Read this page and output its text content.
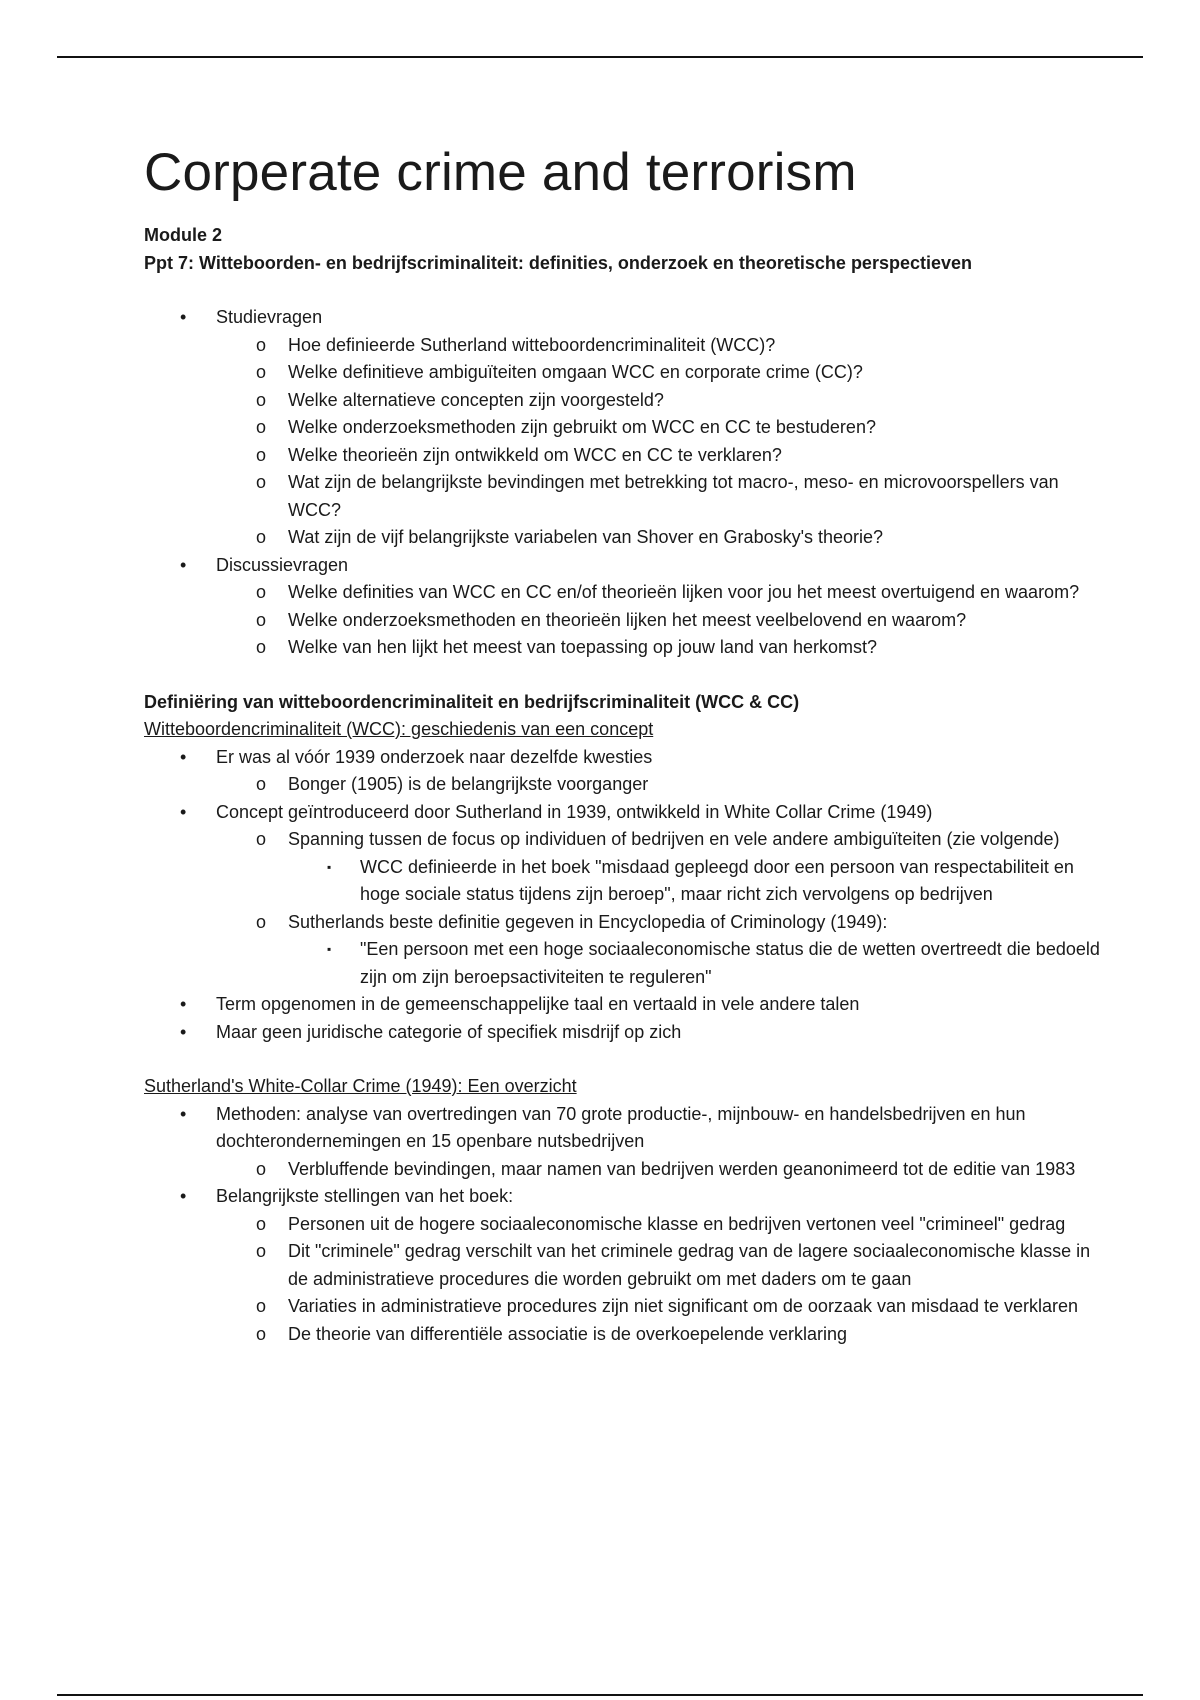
Corperate crime and terrorism
Module 2
Ppt 7: Witteboorden- en bedrijfscriminaliteit: definities, onderzoek en theoretische perspectieven
• Studievragen
o Hoe definieerde Sutherland witteboordencriminaliteit (WCC)?
o Welke definitieve ambiguïteiten omgaan WCC en corporate crime (CC)?
o Welke alternatieve concepten zijn voorgesteld?
o Welke onderzoeksmethoden zijn gebruikt om WCC en CC te bestuderen?
o Welke theorieën zijn ontwikkeld om WCC en CC te verklaren?
o Wat zijn de belangrijkste bevindingen met betrekking tot macro-, meso- en microvoorspellers van WCC?
o Wat zijn de vijf belangrijkste variabelen van Shover en Grabosky's theorie?
• Discussievragen
o Welke definities van WCC en CC en/of theorieën lijken voor jou het meest overtuigend en waarom?
o Welke onderzoeksmethoden en theorieën lijken het meest veelbelovend en waarom?
o Welke van hen lijkt het meest van toepassing op jouw land van herkomst?
Definiëring van witteboordencriminaliteit en bedrijfscriminaliteit (WCC & CC)
Witteboordencriminaliteit (WCC): geschiedenis van een concept
• Er was al vóór 1939 onderzoek naar dezelfde kwesties
o Bonger (1905) is de belangrijkste voorganger
• Concept geïntroduceerd door Sutherland in 1939, ontwikkeld in White Collar Crime (1949)
o Spanning tussen de focus op individuen of bedrijven en vele andere ambiguïteiten (zie volgende)
▪ WCC definieerde in het boek "misdaad gepleegd door een persoon van respectabiliteit en hoge sociale status tijdens zijn beroep", maar richt zich vervolgens op bedrijven
o Sutherlands beste definitie gegeven in Encyclopedia of Criminology (1949):
▪ "Een persoon met een hoge sociaaleconomische status die de wetten overtreedt die bedoeld zijn om zijn beroepsactiviteiten te reguleren"
• Term opgenomen in de gemeenschappelijke taal en vertaald in vele andere talen
• Maar geen juridische categorie of specifiek misdrijf op zich
Sutherland's White-Collar Crime (1949): Een overzicht
• Methoden: analyse van overtredingen van 70 grote productie-, mijnbouw- en handelsbedrijven en hun dochterondernemingen en 15 openbare nutsbedrijven
o Verbluffende bevindingen, maar namen van bedrijven werden geanonimeerd tot de editie van 1983
• Belangrijkste stellingen van het boek:
o Personen uit de hogere sociaaleconomische klasse en bedrijven vertonen veel "crimineel" gedrag
o Dit "criminele" gedrag verschilt van het criminele gedrag van de lagere sociaaleconomische klasse in de administratieve procedures die worden gebruikt om met daders om te gaan
o Variaties in administratieve procedures zijn niet significant om de oorzaak van misdaad te verklaren
o De theorie van differentiële associatie is de overkoepelende verklaring
